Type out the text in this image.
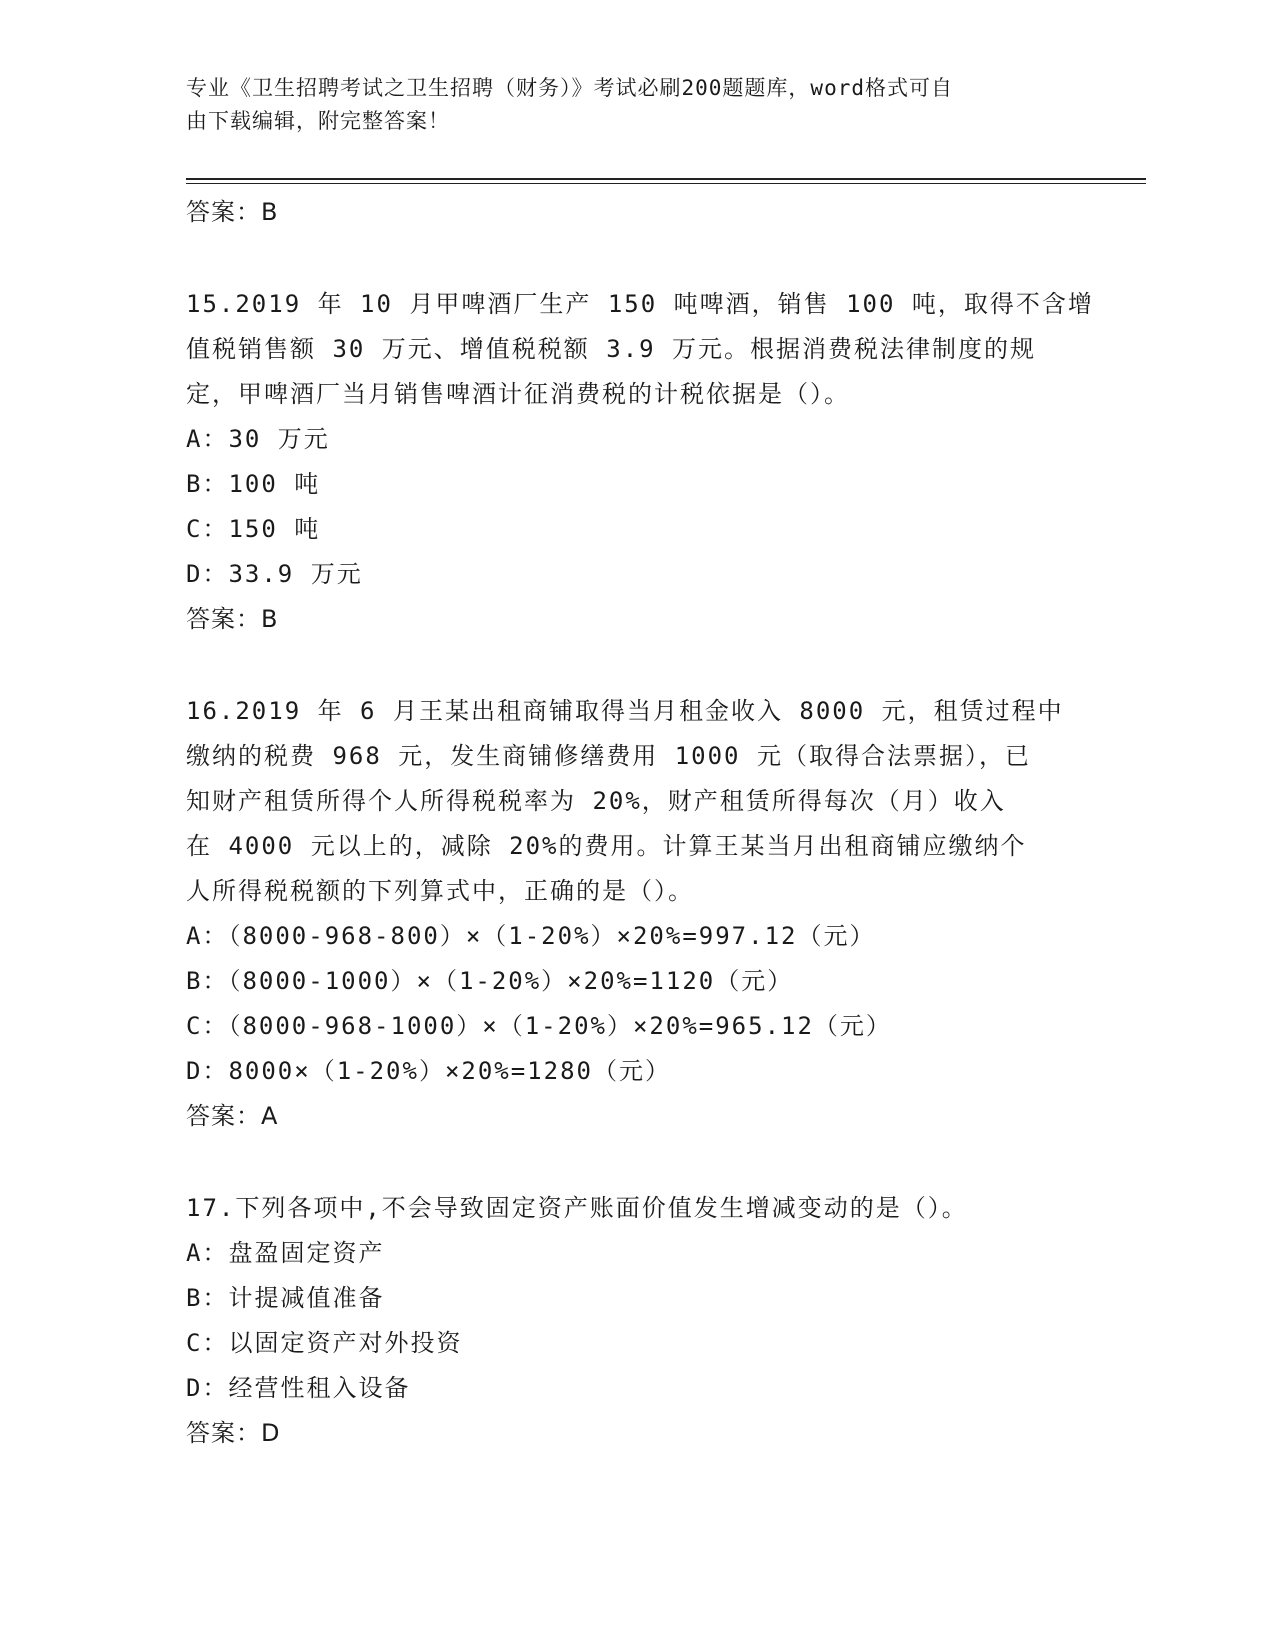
专业《卫生招聘考试之卫生招聘（财务）》考试必刷200题题库，word格式可自
由下载编辑，附完整答案！
答案：B
15.2019 年 10 月甲啤酒厂生产 150 吨啤酒，销售 100 吨，取得不含增
值税销售额 30 万元、增值税税额 3.9 万元。根据消费税法律制度的规
定，甲啤酒厂当月销售啤酒计征消费税的计税依据是（）。
A：30 万元
B：100 吨
C：150 吨
D：33.9 万元
答案：B
16.2019 年 6 月王某出租商铺取得当月租金收入 8000 元，租赁过程中
缴纳的税费 968 元，发生商铺修缮费用 1000 元（取得合法票据），已
知财产租赁所得个人所得税税率为 20%，财产租赁所得每次（月）收入
在 4000 元以上的，减除 20%的费用。计算王某当月出租商铺应缴纳个
人所得税税额的下列算式中，正确的是（）。
A：（8000-968-800）×（1-20%）×20%=997.12（元）
B：（8000-1000）×（1-20%）×20%=1120（元）
C：（8000-968-1000）×（1-20%）×20%=965.12（元）
D：8000×（1-20%）×20%=1280（元）
答案：A
17.下列各项中,不会导致固定资产账面价值发生增减变动的是（）。
A：盘盈固定资产
B：计提减值准备
C：以固定资产对外投资
D：经营性租入设备
答案：D
